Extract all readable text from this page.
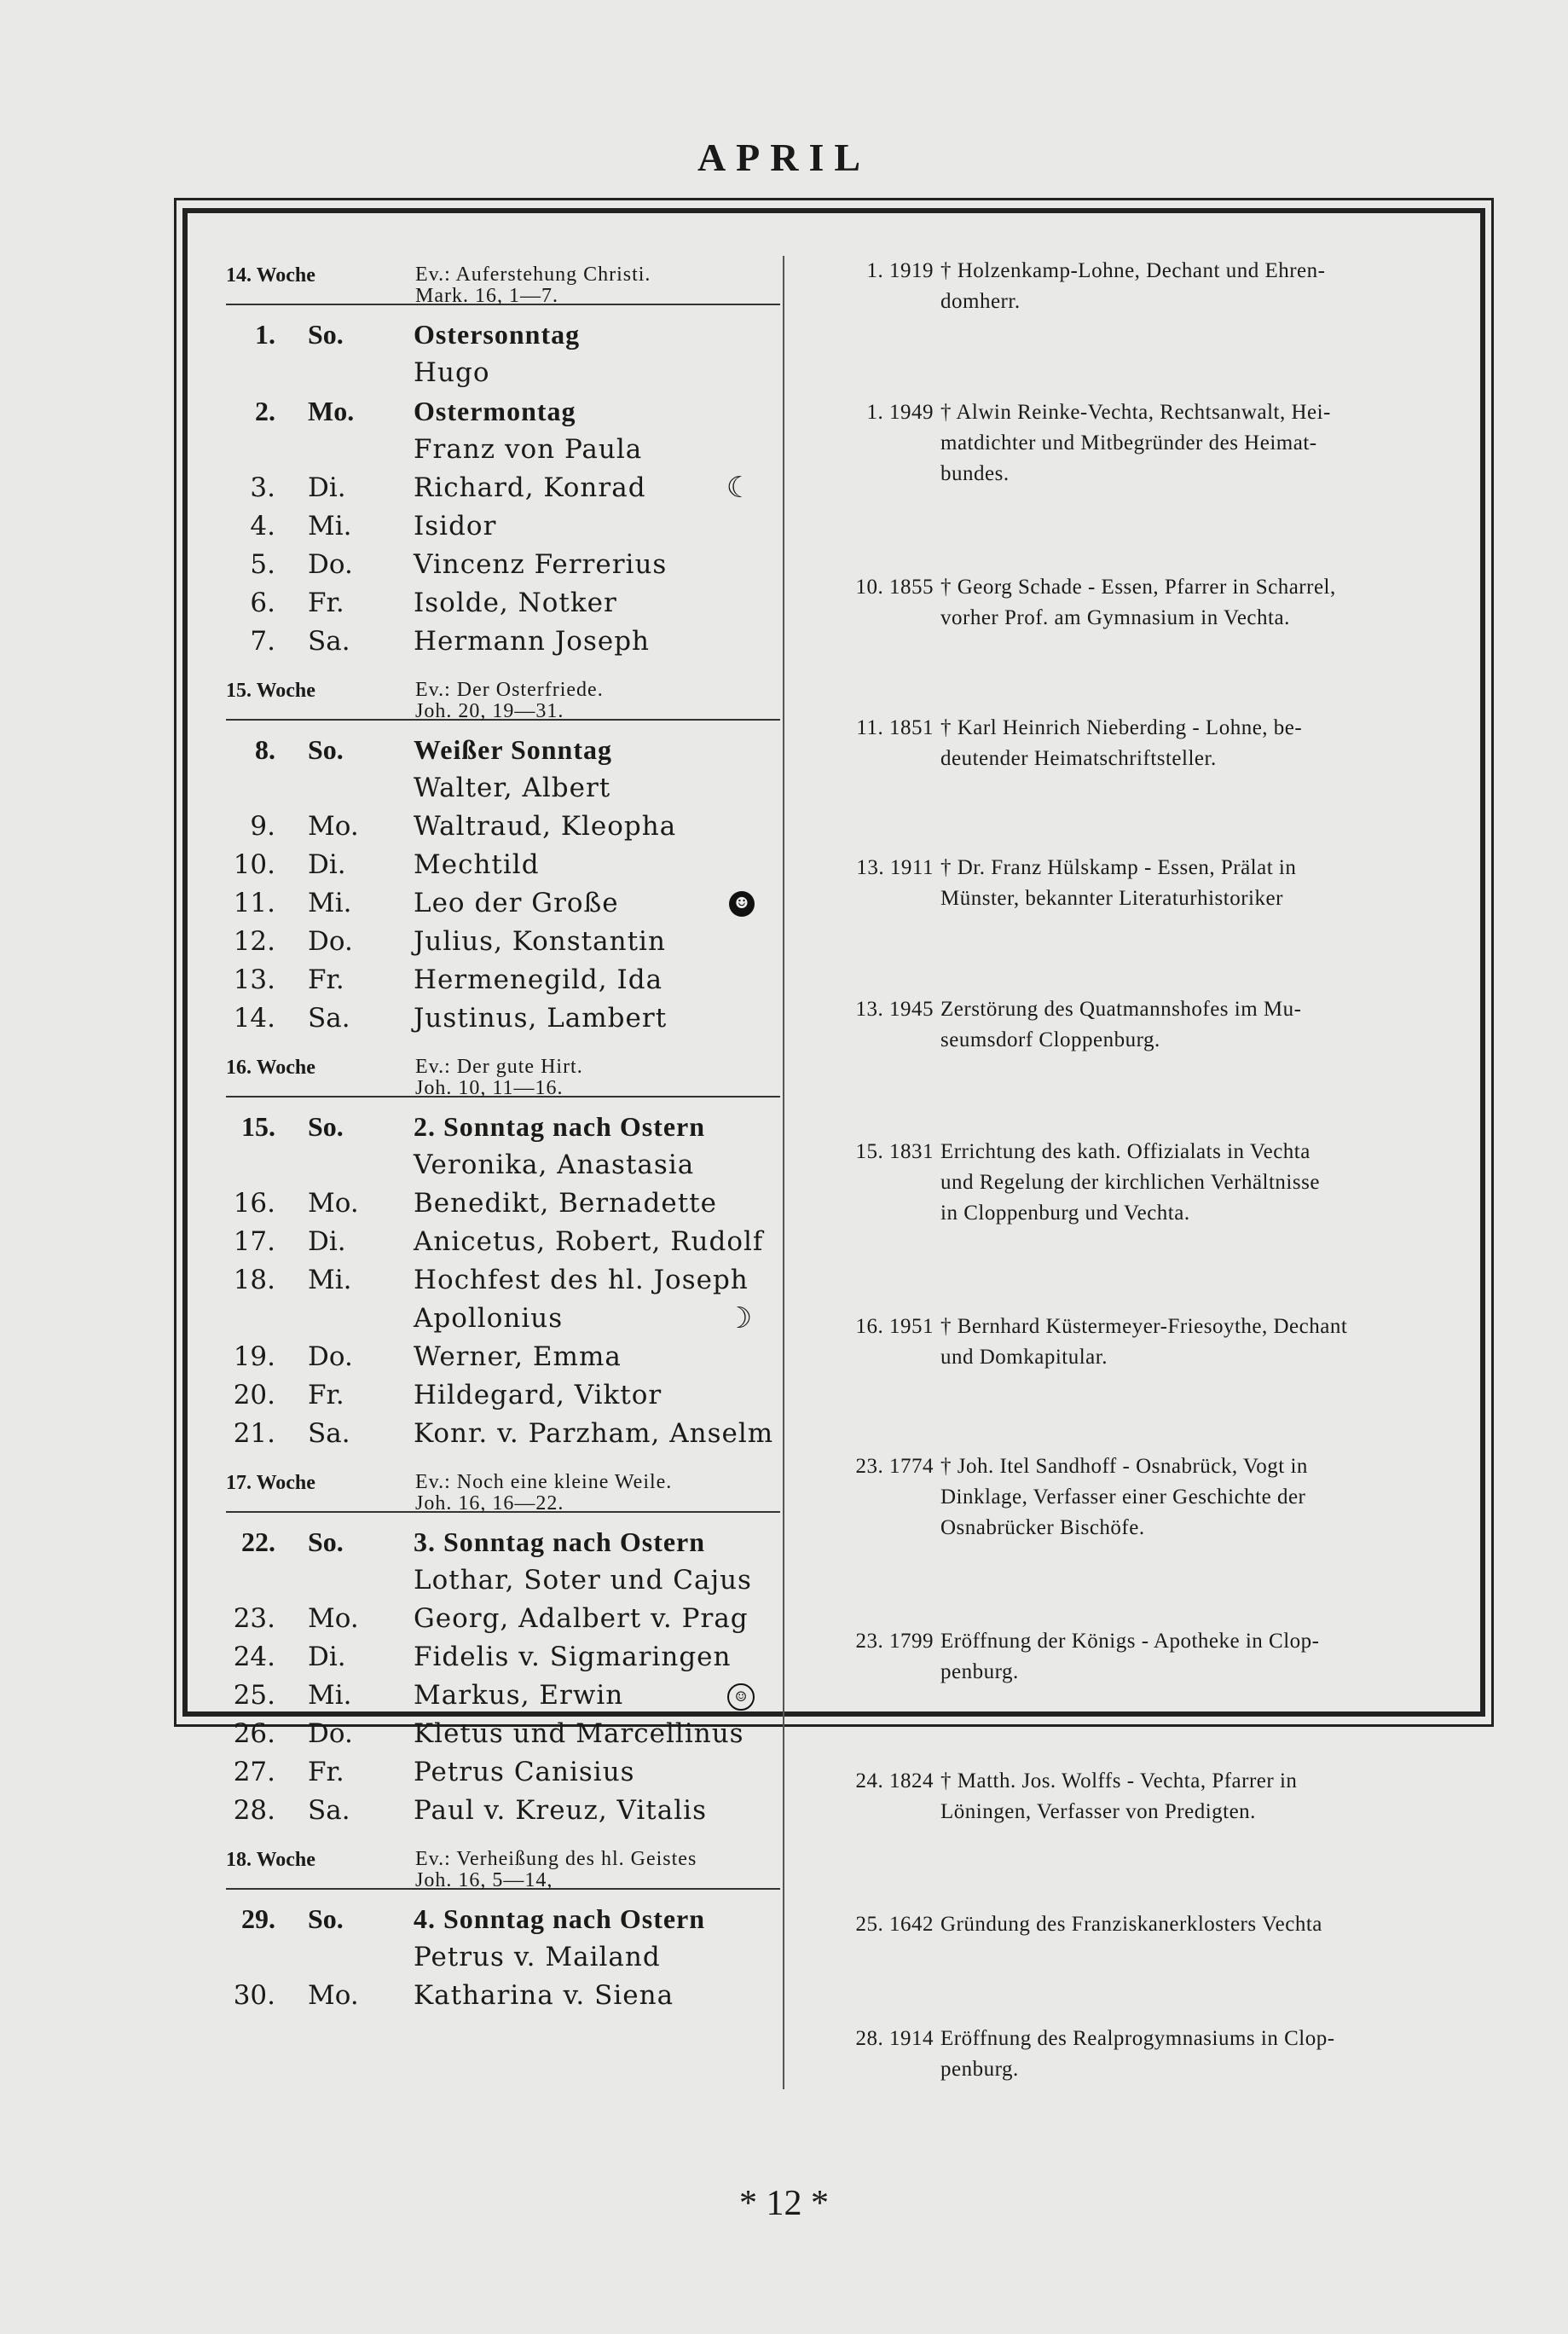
APRIL
14. Woche	Ev.: Auferstehung Christi.
Mark. 16, 1—7.
1.	So.	Ostersonntag
Hugo
2.	Mo.	Ostermontag
Franz von Paula
3.	Di.	Richard, Konrad	☾
4.	Mi.	Isidor
5.	Do.	Vincenz Ferrerius
6.	Fr.	Isolde, Notker
7.	Sa.	Hermann Joseph
15. Woche	Ev.: Der Osterfriede.
Joh. 20, 19—31.
8.	So.	Weißer Sonntag
Walter, Albert
9.	Mo.	Waltraud, Kleopha
10.	Di.	Mechtild
11.	Mi.	Leo der Große	☻
12.	Do.	Julius, Konstantin
13.	Fr.	Hermenegild, Ida
14.	Sa.	Justinus, Lambert
16. Woche	Ev.: Der gute Hirt.
Joh. 10, 11—16.
15.	So.	2. Sonntag nach Ostern
Veronika, Anastasia
16.	Mo.	Benedikt, Bernadette
17.	Di.	Anicetus, Robert, Rudolf
18.	Mi.	Hochfest des hl. Joseph
Apollonius	☽
19.	Do.	Werner, Emma
20.	Fr.	Hildegard, Viktor
21.	Sa.	Konr. v. Parzham, Anselm
17. Woche	Ev.: Noch eine kleine Weile.
Joh. 16, 16—22.
22.	So.	3. Sonntag nach Ostern
Lothar, Soter und Cajus
23.	Mo.	Georg, Adalbert v. Prag
24.	Di.	Fidelis v. Sigmaringen
25.	Mi.	Markus, Erwin	☺
26.	Do.	Kletus und Marcellinus
27.	Fr.	Petrus Canisius
28.	Sa.	Paul v. Kreuz, Vitalis
18. Woche	Ev.: Verheißung des hl. Geistes
Joh. 16, 5—14,
29.	So.	4. Sonntag nach Ostern
Petrus v. Mailand
30.	Mo.	Katharina v. Siena
1. 1919 † Holzenkamp-Lohne, Dechant und Ehren-
domherr.
1. 1949 † Alwin Reinke-Vechta, Rechtsanwalt, Hei-
matdichter und Mitbegründer des Heimat-
bundes.
10. 1855 † Georg Schade - Essen, Pfarrer in Scharrel,
vorher Prof. am Gymnasium in Vechta.
11. 1851 † Karl Heinrich Nieberding - Lohne, be-
deutender Heimatschriftsteller.
13. 1911 † Dr. Franz Hülskamp - Essen, Prälat in
Münster, bekannter Literaturhistoriker
13. 1945 Zerstörung des Quatmannshofes im Mu-
seumsdorf Cloppenburg.
15. 1831 Errichtung des kath. Offizialats in Vechta
und Regelung der kirchlichen Verhältnisse
in Cloppenburg und Vechta.
16. 1951 † Bernhard Küstermeyer-Friesoythe, Dechant
und Domkapitular.
23. 1774 † Joh. Itel Sandhoff - Osnabrück, Vogt in
Dinklage, Verfasser einer Geschichte der
Osnabrücker Bischöfe.
23. 1799 Eröffnung der Königs - Apotheke in Clop-
penburg.
24. 1824 † Matth. Jos. Wolffs - Vechta, Pfarrer in
Löningen, Verfasser von Predigten.
25. 1642 Gründung des Franziskanerklosters Vechta
28. 1914 Eröffnung des Realprogymnasiums in Clop-
penburg.
* 12 *
